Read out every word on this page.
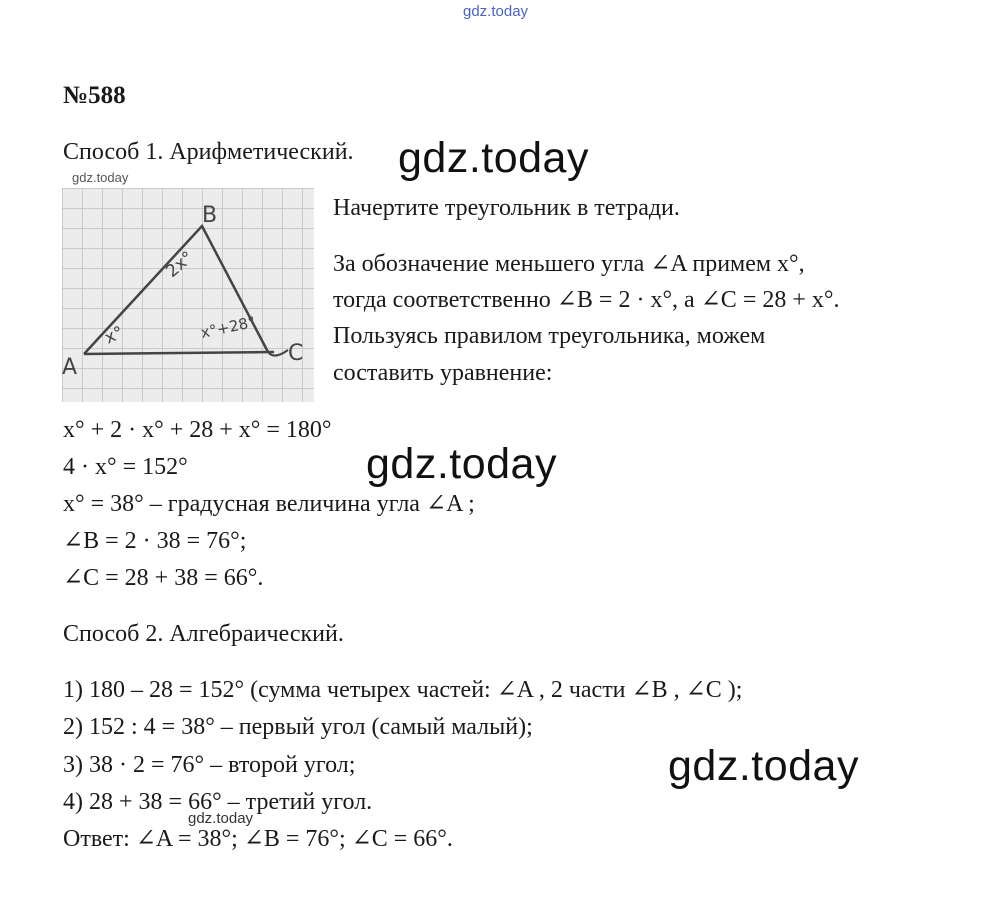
gdz.today
№588
Способ 1. Арифметический. gdz.today
gdz.today
A
B
C
x°
2x°
x°+28°
Начертите треугольник в тетради.
За обозначение меньшего угла ∠A примем x°,
тогда соответственно ∠B = 2 · x°, а ∠C = 28 + x°.
Пользуясь правилом треугольника, можем
составить уравнение:
x° + 2 · x° + 28 + x° = 180°
4 · x° = 152°	gdz.today
x° = 38° – градусная величина угла ∠A ;
∠B = 2 · 38 = 76°;
∠C = 28 + 38 = 66°.
Способ 2. Алгебраический.
1) 180 – 28 = 152° (сумма четырех частей: ∠A , 2 части ∠B , ∠C );
2) 152 : 4 = 38° – первый угол (самый малый);
3) 38 · 2 = 76° – второй угол;	gdz.today
4) 28 + 38 = 66° – третий угол.
gdz.today
Ответ: ∠A = 38°; ∠B = 76°; ∠C = 66°.
